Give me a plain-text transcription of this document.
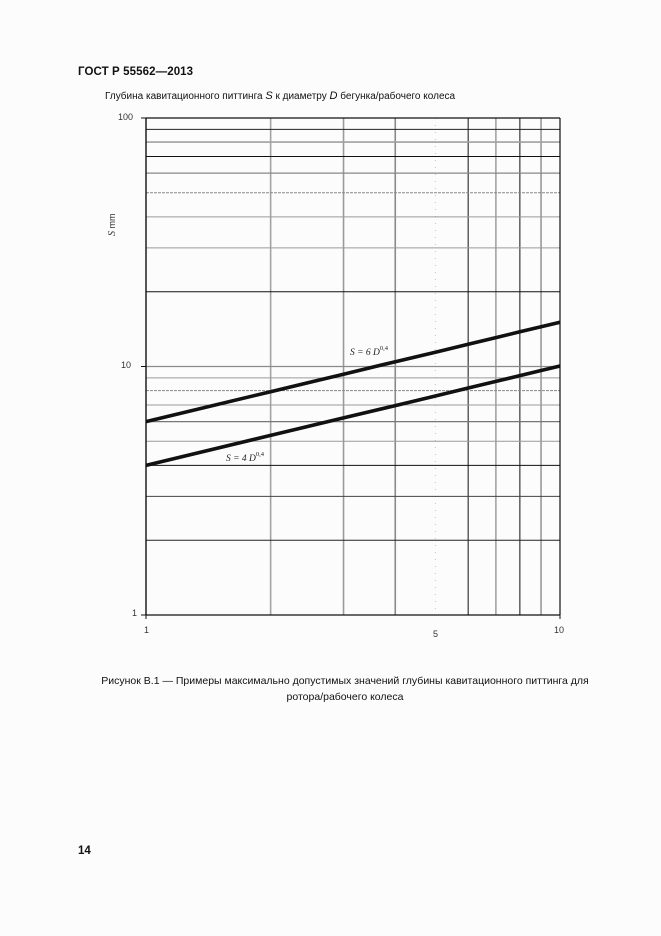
ГОСТ Р 55562—2013
Глубина кавитационного питтинга S к диаметру D бегунка/рабочего колеса
S mm
100
10
1
1	5	10
S = 6 D$^{0,4}$
S = 4 D$^{0,4}$
Рисунок В.1 — Примеры максимально допустимых значений глубины кавитационного питтинга для
ротора/рабочего колеса
14
